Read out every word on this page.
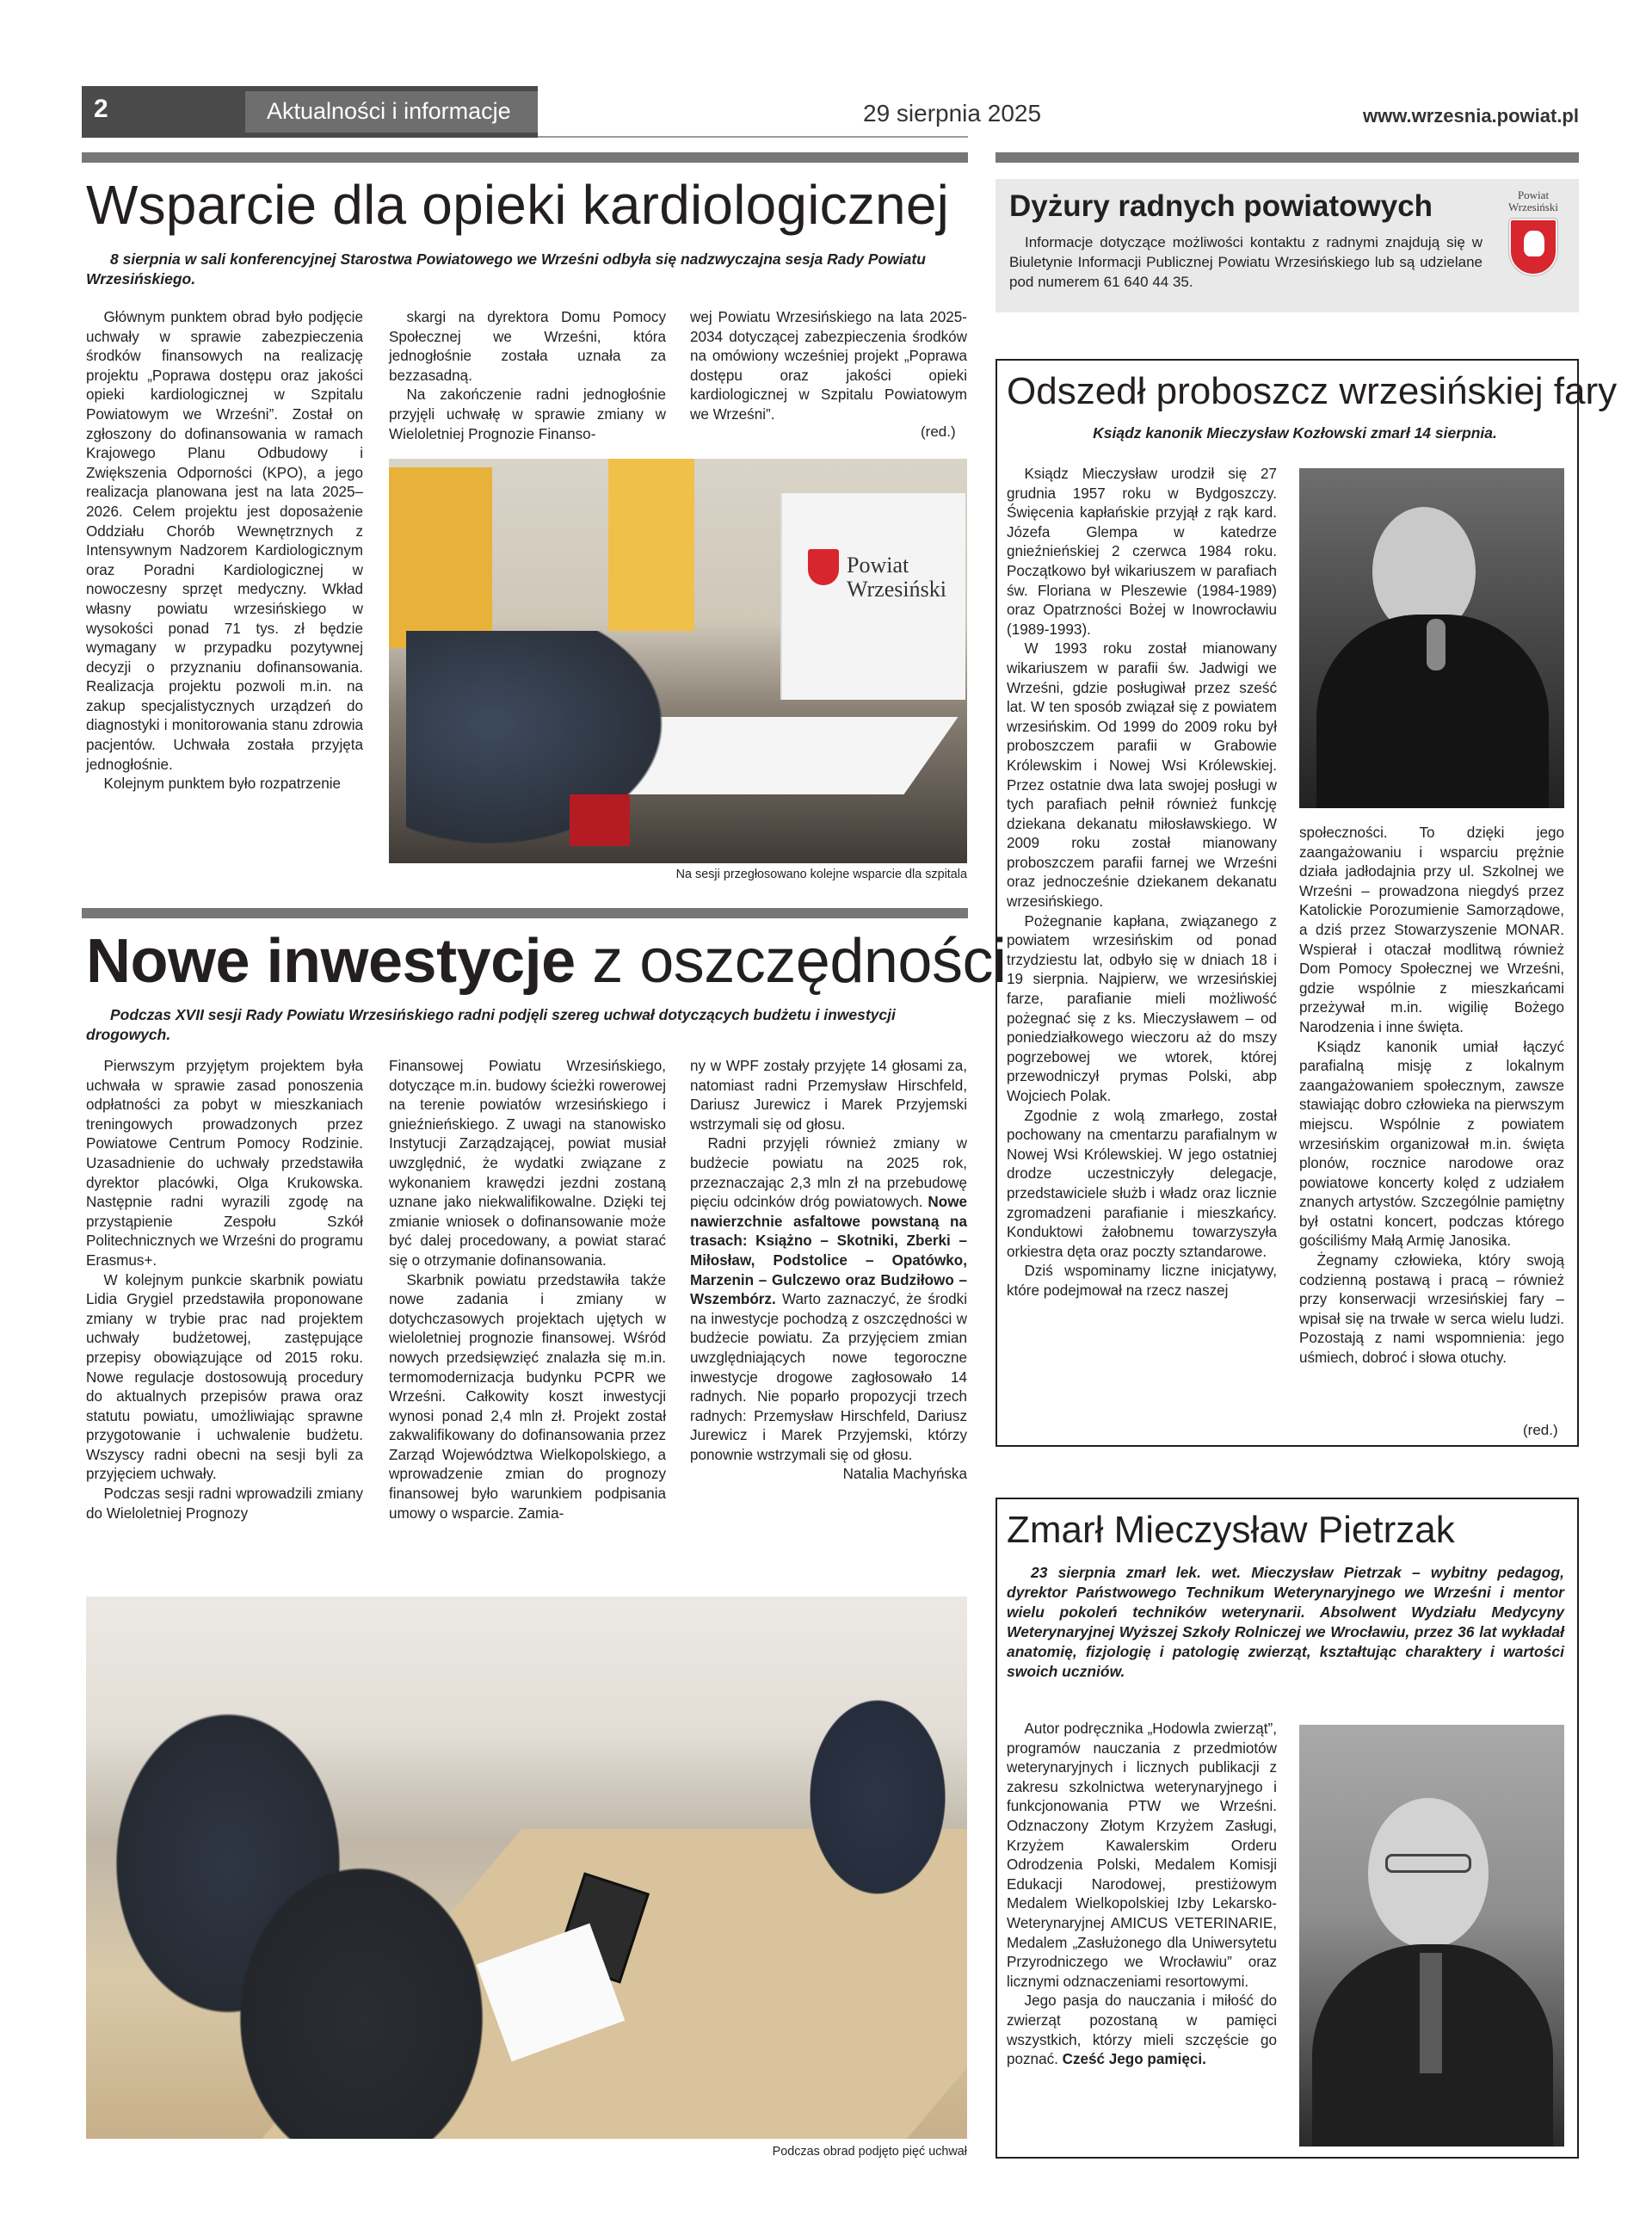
2	Aktualności i informacje	29 sierpnia 2025	www.wrzesnia.powiat.pl
Wsparcie dla opieki kardiologicznej
8 sierpnia w sali konferencyjnej Starostwa Powiatowego we Wrześni odbyła się nadzwyczajna sesja Rady Powiatu Wrzesińskiego.

Głównym punktem obrad było podjęcie uchwały w sprawie zabezpieczenia środków finansowych na realizację projektu „Poprawa dostępu oraz jakości opieki kardiologicznej w Szpitalu Powiatowym we Wrześni”. Został on zgłoszony do dofinansowania w ramach Krajowego Planu Odbudowy i Zwiększenia Odporności (KPO), a jego realizacja planowana jest na lata 2025–2026. Celem projektu jest doposażenie Oddziału Chorób Wewnętrznych z Intensywnym Nadzorem Kardiologicznym oraz Poradni Kardiologicznej w nowoczesny sprzęt medyczny. Wkład własny powiatu wrzesińskiego w wysokości ponad 71 tys. zł będzie wymagany w przypadku pozytywnej decyzji o przyznaniu dofinansowania. Realizacja projektu pozwoli m.in. na zakup specjalistycznych urządzeń do diagnostyki i monitorowania stanu zdrowia pacjentów. Uchwała została przyjęta jednogłośnie.

Kolejnym punktem było rozpatrzenie

skargi na dyrektora Domu Pomocy Społecznej we Wrześni, która jednogłośnie została uznała za bezzasadną.

Na zakończenie radni jednogłośnie przyjęli uchwałę w sprawie zmiany w Wieloletniej Prognozie Finanso-

wej Powiatu Wrzesińskiego na lata 2025-2034 dotyczącej zabezpieczenia środków na omówiony wcześniej projekt „Poprawa dostępu oraz jakości opieki kardiologicznej w Szpitalu Powiatowym we Wrześni”.

(red.)
Powiat Wrzesiński
Na sesji przegłosowano kolejne wsparcie dla szpitala
Nowe inwestycje z oszczędności
Podczas XVII sesji Rady Powiatu Wrzesińskiego radni podjęli szereg uchwał dotyczących budżetu i inwestycji drogowych.

Pierwszym przyjętym projektem była uchwała w sprawie zasad ponoszenia odpłatności za pobyt w mieszkaniach treningowych prowadzonych przez Powiatowe Centrum Pomocy Rodzinie. Uzasadnienie do uchwały przedstawiła dyrektor placówki, Olga Krukowska. Następnie radni wyrazili zgodę na przystąpienie Zespołu Szkół Politechnicznych we Wrześni do programu Erasmus+.

W kolejnym punkcie skarbnik powiatu Lidia Grygiel przedstawiła proponowane zmiany w trybie prac nad projektem uchwały budżetowej, zastępujące przepisy obowiązujące od 2015 roku. Nowe regulacje dostosowują procedury do aktualnych przepisów prawa oraz statutu powiatu, umożliwiając sprawne przygotowanie i uchwalenie budżetu. Wszyscy radni obecni na sesji byli za przyjęciem uchwały.

Podczas sesji radni wprowadzili zmiany do Wieloletniej Prognozy

Finansowej Powiatu Wrzesińskiego, dotyczące m.in. budowy ścieżki rowerowej na terenie powiatów wrzesińskiego i gnieźnieńskiego. Z uwagi na stanowisko Instytucji Zarządzającej, powiat musiał uwzględnić, że wydatki związane z wykonaniem krawędzi jezdni zostaną uznane jako niekwalifikowalne. Dzięki tej zmianie wniosek o dofinansowanie może być dalej procedowany, a powiat starać się o otrzymanie dofinansowania.

Skarbnik powiatu przedstawiła także nowe zadania i zmiany w dotychczasowych projektach ujętych w wieloletniej prognozie finansowej. Wśród nowych przedsięwzięć znalazła się m.in. termomodernizacja budynku PCPR we Wrześni. Całkowity koszt inwestycji wynosi ponad 2,4 mln zł. Projekt został zakwalifikowany do dofinansowania przez Zarząd Województwa Wielkopolskiego, a wprowadzenie zmian do prognozy finansowej było warunkiem podpisania umowy o wsparcie. Zamia-

ny w WPF zostały przyjęte 14 głosami za, natomiast radni Przemysław Hirschfeld, Dariusz Jurewicz i Marek Przyjemski wstrzymali się od głosu.

Radni przyjęli również zmiany w budżecie powiatu na 2025 rok, przeznaczając 2,3 mln zł na przebudowę pięciu odcinków dróg powiatowych. Nowe nawierzchnie asfaltowe powstaną na trasach: Książno – Skotniki, Zberki – Miłosław, Podstolice – Opatówko, Marzenin – Gulczewo oraz Budziłowo – Wszembórz. Warto zaznaczyć, że środki na inwestycje pochodzą z oszczędności w budżecie powiatu. Za przyjęciem zmian uwzględniających nowe tegoroczne inwestycje drogowe zagłosowało 14 radnych. Nie poparło propozycji trzech radnych: Przemysław Hirschfeld, Dariusz Jurewicz i Marek Przyjemski, którzy ponownie wstrzymali się od głosu.

Natalia Machyńska

Podczas obrad podjęto pięć uchwał
Dyżury radnych powiatowych
Informacje dotyczące możliwości kontaktu z radnymi znajdują się w Biuletynie Informacji Publicznej Powiatu Wrzesińskiego lub są udzielane pod numerem 61 640 44 35.
Powiat Wrzesiński
Odszedł proboszcz wrzesińskiej fary
Ksiądz kanonik Mieczysław Kozłowski zmarł 14 sierpnia.

Ksiądz Mieczysław urodził się 27 grudnia 1957 roku w Bydgoszczy. Święcenia kapłańskie przyjął z rąk kard. Józefa Glempa w katedrze gnieźnieńskiej 2 czerwca 1984 roku. Początkowo był wikariuszem w parafiach św. Floriana w Pleszewie (1984-1989) oraz Opatrzności Bożej w Inowrocławiu (1989-1993).

W 1993 roku został mianowany wikariuszem w parafii św. Jadwigi we Wrześni, gdzie posługiwał przez sześć lat. W ten sposób związał się z powiatem wrzesińskim. Od 1999 do 2009 roku był proboszczem parafii w Grabowie Królewskim i Nowej Wsi Królewskiej. Przez ostatnie dwa lata swojej posługi w tych parafiach pełnił również funkcję dziekana dekanatu miłosławskiego. W 2009 roku został mianowany proboszczem parafii farnej we Wrześni oraz jednocześnie dziekanem dekanatu wrzesińskiego.

Pożegnanie kapłana, związanego z powiatem wrzesińskim od ponad trzydziestu lat, odbyło się w dniach 18 i 19 sierpnia. Najpierw, we wrzesińskiej farze, parafianie mieli możliwość pożegnać się z ks. Mieczysławem – od poniedziałkowego wieczoru aż do mszy pogrzebowej we wtorek, której przewodniczył prymas Polski, abp Wojciech Polak.

Zgodnie z wolą zmarłego, został pochowany na cmentarzu parafialnym w Nowej Wsi Królewskiej. W jego ostatniej drodze uczestniczyły delegacje, przedstawiciele służb i władz oraz licznie zgromadzeni parafianie i mieszkańcy. Konduktowi żałobnemu towarzyszyła orkiestra dęta oraz poczty sztandarowe.

Dziś wspominamy liczne inicjatywy, które podejmował na rzecz naszej

społeczności. To dzięki jego zaangażowaniu i wsparciu prężnie działa jadłodajnia przy ul. Szkolnej we Wrześni – prowadzona niegdyś przez Katolickie Porozumienie Samorządowe, a dziś przez Stowarzyszenie MONAR. Wspierał i otaczał modlitwą również Dom Pomocy Społecznej we Wrześni, gdzie wspólnie z mieszkańcami przeżywał m.in. wigilię Bożego Narodzenia i inne święta.

Ksiądz kanonik umiał łączyć parafialną misję z lokalnym zaangażowaniem społecznym, zawsze stawiając dobro człowieka na pierwszym miejscu. Wspólnie z powiatem wrzesińskim organizował m.in. święta plonów, rocznice narodowe oraz powiatowe koncerty kolęd z udziałem znanych artystów. Szczególnie pamiętny był ostatni koncert, podczas którego gościliśmy Małą Armię Janosika.

Żegnamy człowieka, który swoją codzienną postawą i pracą – również przy konserwacji wrzesińskiej fary – wpisał się na trwałe w serca wielu ludzi. Pozostają z nami wspomnienia: jego uśmiech, dobroć i słowa otuchy.

(red.)
Zmarł Mieczysław Pietrzak
23 sierpnia zmarł lek. wet. Mieczysław Pietrzak – wybitny pedagog, dyrektor Państwowego Technikum Weterynaryjnego we Wrześni i mentor wielu pokoleń techników weterynarii. Absolwent Wydziału Medycyny Weterynaryjnej Wyższej Szkoły Rolniczej we Wrocławiu, przez 36 lat wykładał anatomię, fizjologię i patologię zwierząt, kształtując charaktery i wartości swoich uczniów.

Autor podręcznika „Hodowla zwierząt”, programów nauczania z przedmiotów weterynaryjnych i licznych publikacji z zakresu szkolnictwa weterynaryjnego i funkcjonowania PTW we Wrześni. Odznaczony Złotym Krzyżem Zasługi, Krzyżem Kawalerskim Orderu Odrodzenia Polski, Medalem Komisji Edukacji Narodowej, prestiżowym Medalem Wielkopolskiej Izby Lekarsko-Weterynaryjnej AMICUS VETERINARIE, Medalem „Zasłużonego dla Uniwersytetu Przyrodniczego we Wrocławiu” oraz licznymi odznaczeniami resortowymi.

Jego pasja do nauczania i miłość do zwierząt pozostaną w pamięci wszystkich, którzy mieli szczęście go poznać. Cześć Jego pamięci.
